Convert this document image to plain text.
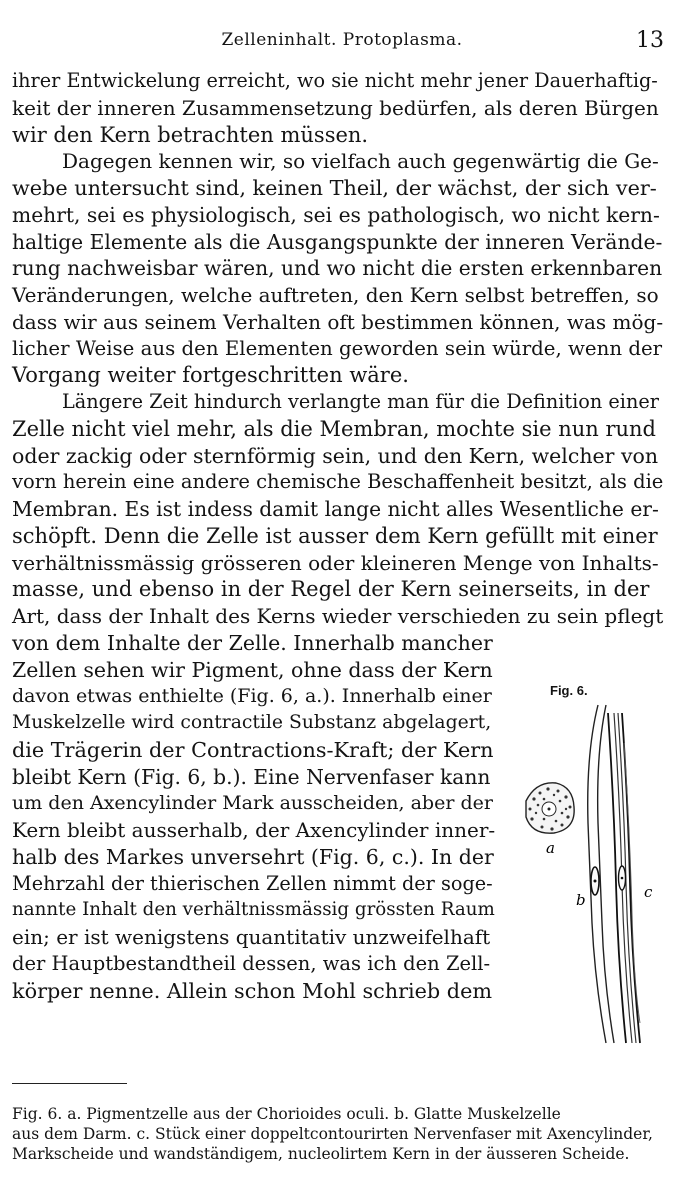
Zelleninhalt. Protoplasma.	13
ihrer Entwickelung erreicht, wo sie nicht mehr jener Dauerhaftig-
keit der inneren Zusammensetzung bedürfen, als deren Bürgen
wir den Kern betrachten müssen.
Dagegen kennen wir, so vielfach auch gegenwärtig die Ge-
webe untersucht sind, keinen Theil, der wächst, der sich ver-
mehrt, sei es physiologisch, sei es pathologisch, wo nicht kern-
haltige Elemente als die Ausgangspunkte der inneren Verände-
rung nachweisbar wären, und wo nicht die ersten erkennbaren
Veränderungen, welche auftreten, den Kern selbst betreffen, so
dass wir aus seinem Verhalten oft bestimmen können, was mög-
licher Weise aus den Elementen geworden sein würde, wenn der
Vorgang weiter fortgeschritten wäre.
Längere Zeit hindurch verlangte man für die Definition einer
Zelle nicht viel mehr, als die Membran, mochte sie nun rund
oder zackig oder sternförmig sein, und den Kern, welcher von
vorn herein eine andere chemische Beschaffenheit besitzt, als die
Membran. Es ist indess damit lange nicht alles Wesentliche er-
schöpft. Denn die Zelle ist ausser dem Kern gefüllt mit einer
verhältnissmässig grösseren oder kleineren Menge von Inhalts-
masse, und ebenso in der Regel der Kern seinerseits, in der
Art, dass der Inhalt des Kerns wieder verschieden zu sein pflegt
von dem Inhalte der Zelle. Innerhalb mancher
Zellen sehen wir Pigment, ohne dass der Kern
davon etwas enthielte (Fig. 6, a.). Innerhalb einer
Muskelzelle wird contractile Substanz abgelagert,
die Trägerin der Contractions-Kraft; der Kern
bleibt Kern (Fig. 6, b.). Eine Nervenfaser kann
um den Axencylinder Mark ausscheiden, aber der
Kern bleibt ausserhalb, der Axencylinder inner-
halb des Markes unversehrt (Fig. 6, c.). In der
Mehrzahl der thierischen Zellen nimmt der soge-
nannte Inhalt den verhältnissmässig grössten Raum
ein; er ist wenigstens quantitativ unzweifelhaft
der Hauptbestandtheil dessen, was ich den Zell-
körper nenne. Allein schon Mohl schrieb dem
Fig. 6.
a
b	c
Fig. 6. a. Pigmentzelle aus der Chorioides oculi. b. Glatte Muskelzelle
aus dem Darm. c. Stück einer doppeltcontourirten Nervenfaser mit Axencylinder,
Markscheide und wandständigem, nucleolirtem Kern in der äusseren Scheide.
